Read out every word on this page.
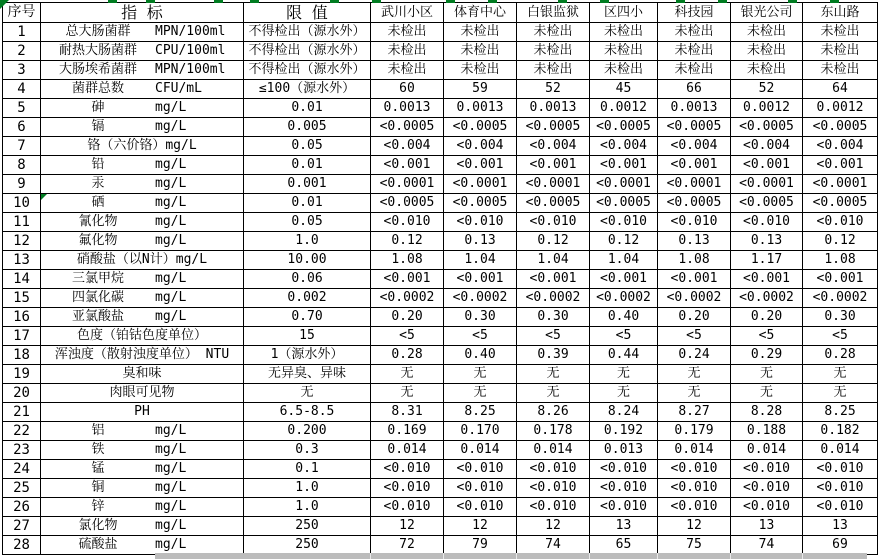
序号	指 标	限 值	武川小区	体育中心	白银监狱	区四小	科技园	银光公司	东山路
1	总大肠菌群 MPN/100ml	不得检出（源水外）	未检出	未检出	未检出	未检出	未检出	未检出	未检出
2	耐热大肠菌群 CPU/100ml	不得检出（源水外）	未检出	未检出	未检出	未检出	未检出	未检出	未检出
3	大肠埃希菌群 MPN/100ml	不得检出（源水外）	未检出	未检出	未检出	未检出	未检出	未检出	未检出
4	菌群总数 CFU/mL	≤100（源水外）	60	59	52	45	66	52	64
5	砷 mg/L	0.01	0.0013	0.0013	0.0013	0.0012	0.0013	0.0012	0.0012
6	镉 mg/L	0.005	<0.0005	<0.0005	<0.0005	<0.0005	<0.0005	<0.0005	<0.0005
7	铬（六价铬）mg/L	0.05	<0.004	<0.004	<0.004	<0.004	<0.004	<0.004	<0.004
8	铅 mg/L	0.01	<0.001	<0.001	<0.001	<0.001	<0.001	<0.001	<0.001
9	汞 mg/L	0.001	<0.0001	<0.0001	<0.0001	<0.0001	<0.0001	<0.0001	<0.0001
10	硒 mg/L	0.01	<0.0005	<0.0005	<0.0005	<0.0005	<0.0005	<0.0005	<0.0005
11	氰化物 mg/L	0.05	<0.010	<0.010	<0.010	<0.010	<0.010	<0.010	<0.010
12	氟化物 mg/L	1.0	0.12	0.13	0.12	0.12	0.13	0.13	0.12
13	硝酸盐（以N计）mg/L	10.00	1.08	1.04	1.04	1.04	1.08	1.17	1.08
14	三氯甲烷 mg/L	0.06	<0.001	<0.001	<0.001	<0.001	<0.001	<0.001	<0.001
15	四氯化碳 mg/L	0.002	<0.0002	<0.0002	<0.0002	<0.0002	<0.0002	<0.0002	<0.0002
16	亚氯酸盐 mg/L	0.70	0.20	0.30	0.30	0.40	0.20	0.20	0.30
17	色度（铂钴色度单位）	15	<5	<5	<5	<5	<5	<5	<5
18	浑浊度（散射浊度单位） NTU	1（源水外）	0.28	0.40	0.39	0.44	0.24	0.29	0.28
19	臭和味	无异臭、异味	无	无	无	无	无	无	无
20	肉眼可见物	无	无	无	无	无	无	无	无
21	PH	6.5-8.5	8.31	8.25	8.26	8.24	8.27	8.28	8.25
22	铝 mg/L	0.200	0.169	0.170	0.178	0.192	0.179	0.188	0.182
23	铁 mg/L	0.3	0.014	0.014	0.014	0.013	0.014	0.014	0.014
24	锰 mg/L	0.1	<0.010	<0.010	<0.010	<0.010	<0.010	<0.010	<0.010
25	铜 mg/L	1.0	<0.010	<0.010	<0.010	<0.010	<0.010	<0.010	<0.010
26	锌 mg/L	1.0	<0.010	<0.010	<0.010	<0.010	<0.010	<0.010	<0.010
27	氯化物 mg/L	250	12	12	12	13	12	13	13
28	硫酸盐 mg/L	250	72	79	74	65	75	74	69
